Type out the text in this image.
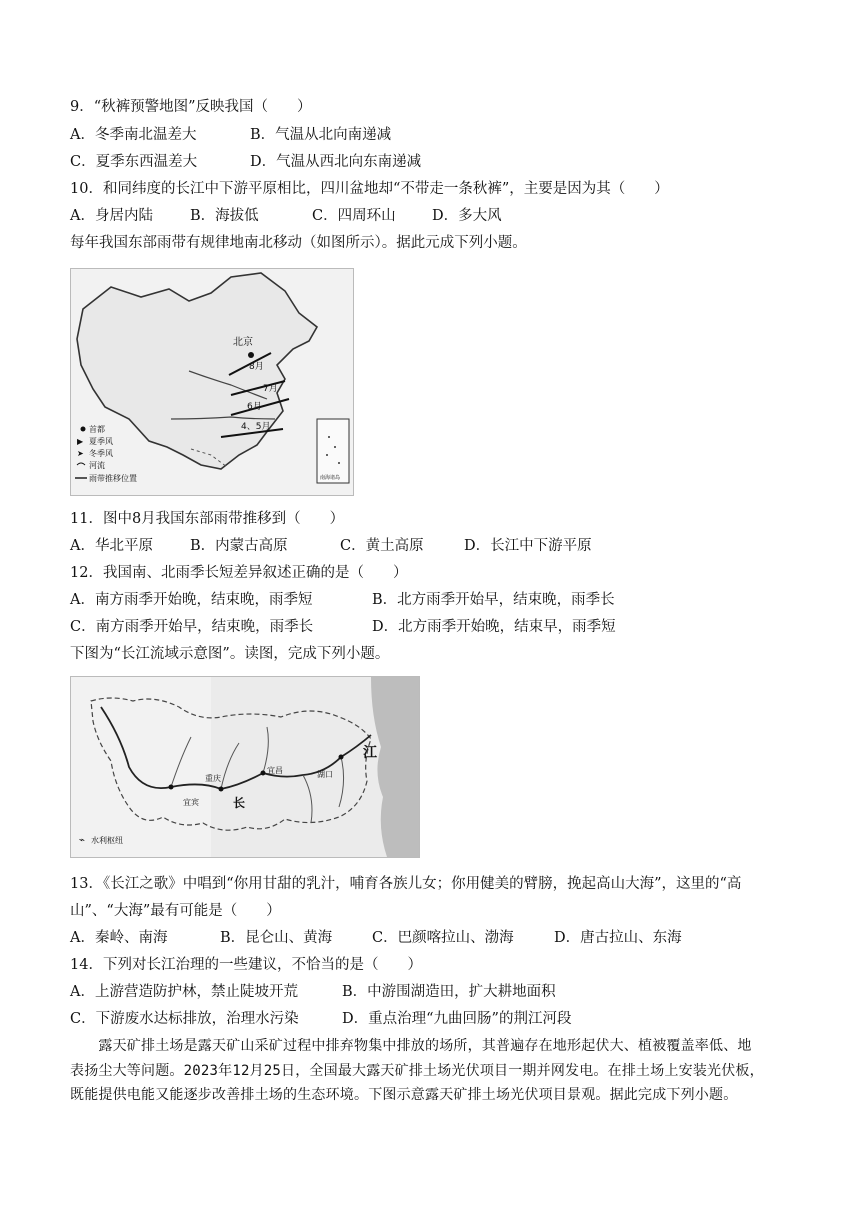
9．“秋裤预警地图”反映我国（　　）
A．冬季南北温差大	B．气温从北向南递减
C．夏季东西温差大	D．气温从西北向东南递减
10．和同纬度的长江中下游平原相比，四川盆地却“不带走一条秋裤”，主要是因为其（　　）
A．身居内陆	B．海拔低	C．四周环山	D．多大风
每年我国东部雨带有规律地南北移动（如图所示）。据此元成下列小题。
北京
8月
7月
6月
4、5月
南海诸岛
首都
▶ 夏季风
➤ 冬季风
河流
雨带推移位置
11．图中8月我国东部雨带推移到（　　）
A．华北平原	B．内蒙古高原	C．黄土高原	D．长江中下游平原
12．我国南、北雨季长短差异叙述正确的是（　　）
A．南方雨季开始晚，结束晚，雨季短	B．北方雨季开始早，结束晚，雨季长
C．南方雨季开始早，结束晚，雨季长	D．北方雨季开始晚，结束早，雨季短
下图为“长江流域示意图”。读图，完成下列小题。
重庆
宜宾
宜昌	湖口
长
江
⌁ 水利枢纽
13．《长江之歌》中唱到“你用甘甜的乳汁，哺育各族儿女；你用健美的臂膀，挽起高山大海”，这里的“高
山”、“大海”最有可能是（　　）
A．秦岭、南海	B．昆仑山、黄海	C．巴颜喀拉山、渤海	D．唐古拉山、东海
14．下列对长江治理的一些建议，不恰当的是（　　）
A．上游营造防护林，禁止陡坡开荒	B．中游围湖造田，扩大耕地面积
C．下游废水达标排放，治理水污染	D．重点治理“九曲回肠”的荆江河段
　　露天矿排土场是露天矿山采矿过程中排弃物集中排放的场所，其普遍存在地形起伏大、植被覆盖率低、地
表扬尘大等问题。2023年12月25日，全国最大露天矿排土场光伏项目一期并网发电。在排土场上安装光伏板，
既能提供电能又能逐步改善排土场的生态环境。下图示意露天矿排土场光伏项目景观。据此完成下列小题。
